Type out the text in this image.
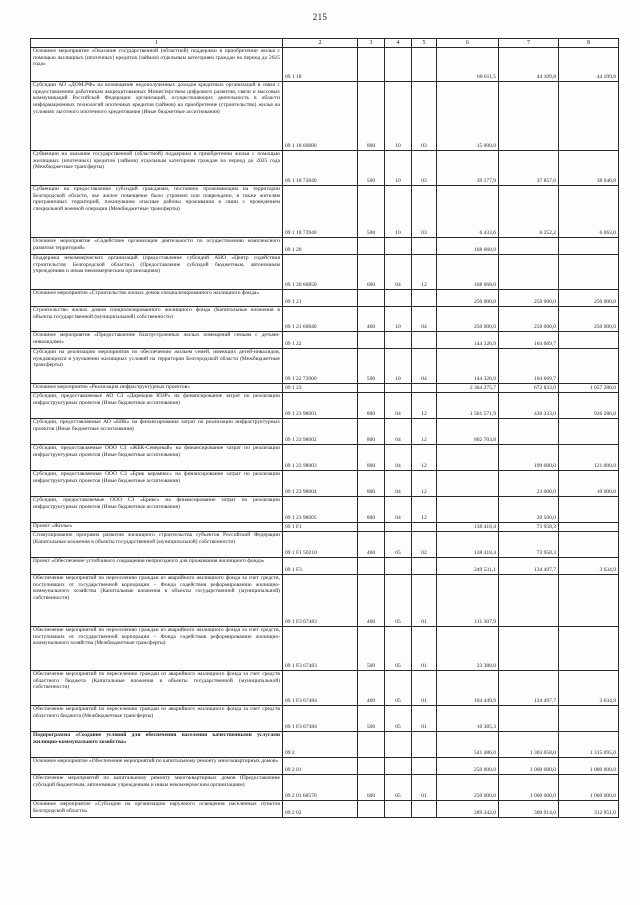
215
1	2	3	4	5	6	7	8
Основное мероприятие «Оказание государственной (областной) поддержки в приобретении жилья с помощью жилищных (ипотечных) кредитов (займов) отдельным категориям граждан на период до 2025 года»	09 1 18				60 611,5	44 109,8	44 109,8
Субсидии АО «ДОМ.РФ» на возмещение недополученных доходов кредитных организаций в связи с предоставлением работникам аккредитованных Министерством цифрового развития, связи и массовых коммуникаций Российской Федерации организаций, осуществляющих деятельность в области информационных технологий ипотечных кредитов (займов) на приобретение (строительство) жилья на условиях льготного ипотечного кредитования (Иные бюджетные ассигнования)	09 1 18 60880	800	10	03	15 000,0		
Субвенции на оказание государственной (областной) поддержки в приобретении жилья с помощью жилищных (ипотечных) кредитов (займов) отдельным категориям граждан на период до 2025 года (Межбюджетные трансферты)	09 1 18 73840	500	10	03	39 177,9	37 857,6	38 046,8
Субвенции на предоставление субсидий гражданам, постоянно проживающим на территории Белгородской области, чье жилое помещение было утрачено или повреждено, в также жителям приграничных территорий, покинувшим опасные районы проживания в связи с проведением специальной военной операции (Межбюджетные трансферты)	09 1 18 73940	500	10	03	6 433,6	6 252,2	6 063,0
Основное мероприятие «Содействие организации деятельности по осуществлению комплексного развития территорий»	09 1 20				168 068,0		
Поддержка некоммерческих организаций (предоставление субсидий АНО «Центр содействия строительству Белгородской области») (Предоставление субсидий бюджетным, автономным учреждениям и иным некоммерческим организациям)	09 1 20 60850	600	04	12	168 068,0		
Основное мероприятие «Строительство жилых домов специализированного жилищного фонда»	09 1 21				250 000,0	250 000,0	250 000,0
Строительство жилых домов специализированного жилищного фонда (Капитальные вложения в объекты государственной (муниципальной) собственности)	09 1 21 60840	400	10	04	250 000,0	250 000,0	250 000,0
Основное мероприятие «Предоставление благоустроенных жилых помещений семьям с детьми-инвалидами»	09 1 22				144 326,9	164 669,7	
Субсидии на реализацию мероприятия по обеспечению жильем семей, имеющих детей-инвалидов, нуждающихся в улучшении жилищных условий на территории Белгородской области (Межбюджетные трансферты)	09 1 22 73900	500	10	04	144 326,9	164 669,7	
Основное мероприятие «Реализация инфраструктурных проектов»	09 1 23				2 364 275,7	672 833,0	1 057 286,0
Субсидии, предоставляемые АО СЗ «Дирекция ЮЗР» на финансирование затрат по реализации инфраструктурных проектов (Иные бюджетные ассигнования)	09 1 23 98001	800	04	12	1 561 571,9	430 333,0	926 286,0
Субсидии, предоставляемые АО «БИК» на финансирование затрат по реализации инфраструктурных проектов (Иные бюджетные ассигнования)	09 1 23 98002	800	04	12	802 703,8		
Субсидии, предоставляемые ООО СЗ «ЖБК-Северный» на финансирование затрат по реализации инфраструктурных проектов (Иные бюджетные ассигнования)	09 1 23 98003	800	04	12		199 000,0	121 000,0
Субсидии, предоставляемые ООО СЗ «Брик керамикс» на финансирование затрат по реализации инфраструктурных проектов (Иные бюджетные ассигнования)	09 1 23 98004	800	04	12		23 000,0	10 000,0
Субсидии, предоставляемые ООО СЗ «Брикс» на финансирование затрат по реализации инфраструктурных проектов (Иные бюджетные ассигнования)	09 1 23 98005	800	04	12		20 500,0	
Проект «Жилье»	09 1 F1				138 418,4	73 958,3	
Стимулирование программ развития жилищного строительства субъектов Российской Федерации (Капитальные вложения в объекты государственной (муниципальной) собственности)	09 1 F1 50210	400	05	02	138 418,4	73 958,3	
Проект «Обеспечение устойчивого сокращения непригодного для проживания жилищного фонда»	09 1 F3				249 531,1	134 497,7	3 634,9
Обеспечение мероприятий по переселению граждан из аварийного жилищного фонда за счет средств, поступивших от государственной корпорации – Фонда содействия реформированию жилищно-коммунального хозяйства (Капитальные вложения в объекты государственной (муниципальной) собственности)	09 1 F3 67483	400	05	01	111 307,9		
Обеспечение мероприятий по переселению граждан из аварийного жилищного фонда за счет средств, поступивших от государственной корпорации – Фонда содействия реформированию жилищно-коммунального хозяйства (Межбюджетные трансферты)	09 1 F3 67483	500	05	01	23 388,0		
Обеспечение мероприятий по переселению граждан из аварийного жилищного фонда за счет средств областного бюджета (Капитальные вложения в объекты государственной (муниципальной) собственности)	09 1 F3 67484	400	05	01	104 449,9	134 497,7	3 634,9
Обеспечение мероприятий по переселению граждан из аварийного жилищного фонда за счет средств областного бюджета (Межбюджетные трансферты)	09 1 F3 67484	500	05	01	10 385,3		
Подпрограмма «Создание условий для обеспечения населения качественными услугами жилищно-коммунального хозяйства»	09 2				541 486,0	1 303 058,0	1 315 095,0
Основное мероприятие «Обеспечение мероприятий по капитальному ремонту многоквартирных домов»	09 2 01				250 000,0	1 000 000,0	1 000 000,0
Обеспечение мероприятий по капитальному ремонту многоквартирных домов (Предоставление субсидий бюджетным, автономным учреждениям и иным некоммерческим организациям)	09 2 01 60570	600	05	01	250 000,0	1 000 000,0	1 000 000,0
Основное мероприятие «Субсидии на организацию наружного освещения населенных пунктов Белгородской области»	09 2 02				289 342,0	300 914,0	312 951,0
